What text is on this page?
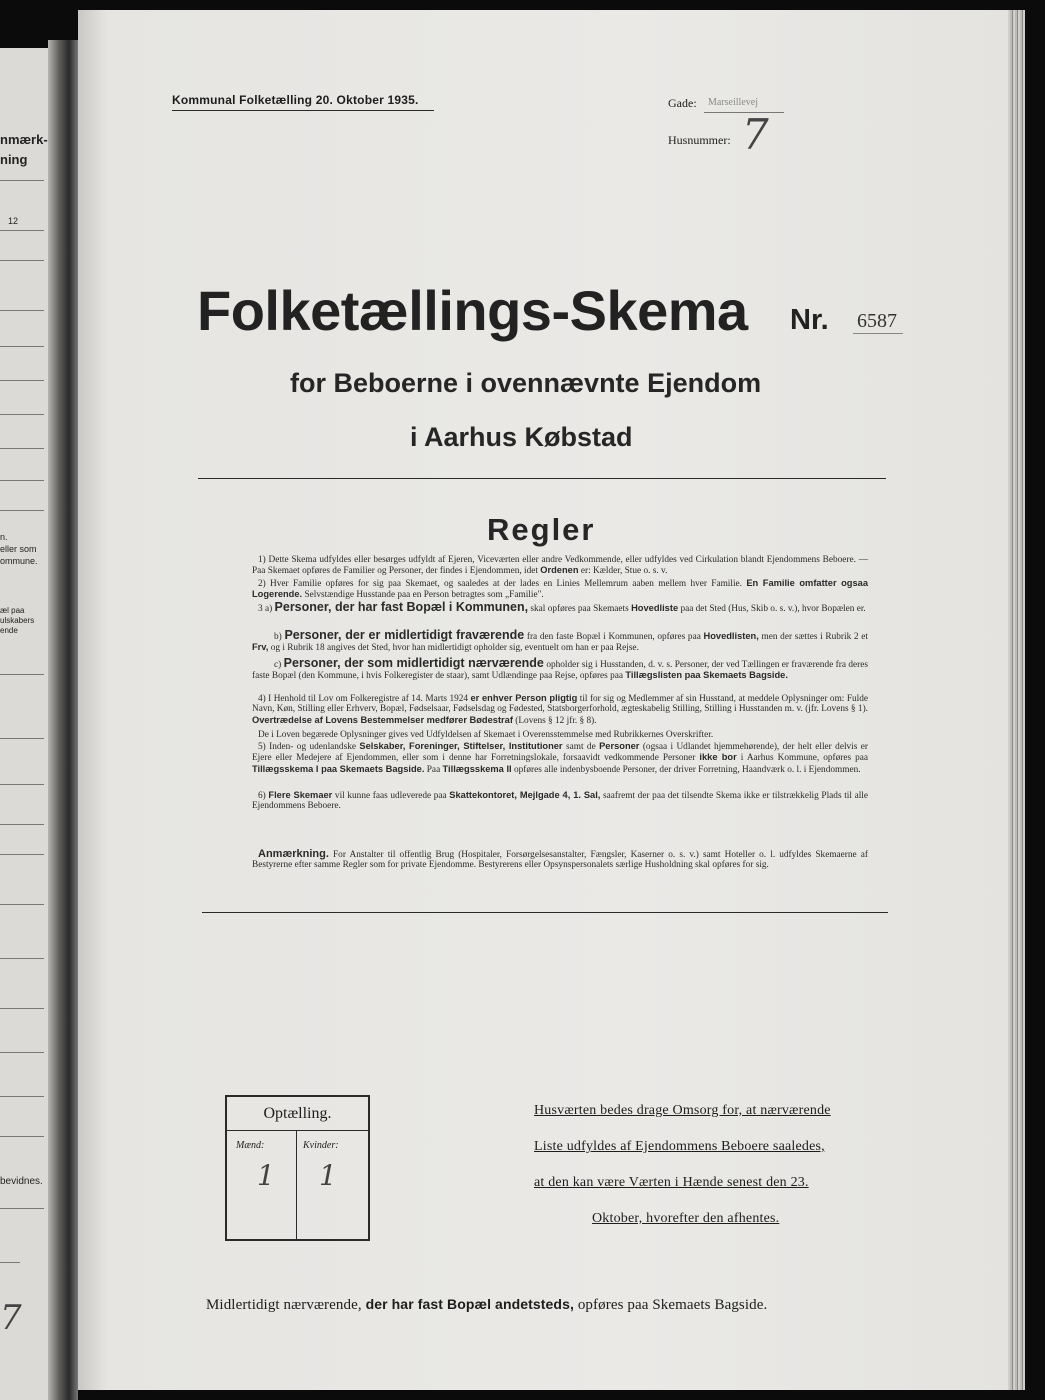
nmærk-
ning
12
n.
eller som
ommune.
æl paa
ulskabers
ende
bevidnes.
7
Kommunal Folketælling 20. Oktober 1935.	Gade: Marseillevej
Husnummer: 7
Folketællings-Skema Nr. 6587
for Beboerne i ovennævnte Ejendom
i Aarhus Købstad
Regler
1) Dette Skema udfyldes eller besørges udfyldt af Ejeren, Viceværten eller andre Vedkommende, eller udfyldes ved Cirkulation blandt Ejendommens Beboere. — Paa Skemaet opføres de Familier og Personer, der findes i Ejendommen, idet Ordenen er: Kælder, Stue o. s. v.
2) Hver Familie opføres for sig paa Skemaet, og saaledes at der lades en Linies Mellemrum aaben mellem hver Familie. En Familie omfatter ogsaa Logerende. Selvstændige Husstande paa en Person betragtes som „Familie".
3 a) Personer, der har fast Bopæl i Kommunen, skal opføres paa Skemaets Hovedliste paa det Sted (Hus, Skib o. s. v.), hvor Bopælen er.
b) Personer, der er midlertidigt fraværende fra den faste Bopæl i Kommunen, opføres paa Hovedlisten, men der sættes i Rubrik 2 et Frv, og i Rubrik 18 angives det Sted, hvor han midlertidigt opholder sig, eventuelt om han er paa Rejse.
c) Personer, der som midlertidigt nærværende opholder sig i Husstanden, d. v. s. Personer, der ved Tællingen er fraværende fra deres faste Bopæl (den Kommune, i hvis Folkeregister de staar), samt Udlændinge paa Rejse, opføres paa Tillægslisten paa Skemaets Bagside.
4) I Henhold til Lov om Folkeregistre af 14. Marts 1924 er enhver Person pligtig til for sig og Medlemmer af sin Husstand, at meddele Oplysninger om: Fulde Navn, Køn, Stilling eller Erhverv, Bopæl, Fødselsaar, Fødselsdag og Fødested, Statsborgerforhold, ægteskabelig Stilling, Stilling i Husstanden m. v. (jfr. Lovens § 1). Overtrædelse af Lovens Bestemmelser medfører Bødestraf (Lovens § 12 jfr. § 8).
De i Loven begærede Oplysninger gives ved Udfyldelsen af Skemaet i Overensstemmelse med Rubrikkernes Overskrifter.
5) Inden- og udenlandske Selskaber, Foreninger, Stiftelser, Institutioner samt de Personer (ogsaa i Udlandet hjemmehørende), der helt eller delvis er Ejere eller Medejere af Ejendommen, eller som i denne har Forretningslokale, forsaavidt vedkommende Personer ikke bor i Aarhus Kommune, opføres paa Tillægsskema I paa Skemaets Bagside. Paa Tillægsskema II opføres alle indenbysboende Personer, der driver Forretning, Haandværk o. l. i Ejendommen.
6) Flere Skemaer vil kunne faas udleverede paa Skattekontoret, Mejlgade 4, 1. Sal, saafremt der paa det tilsendte Skema ikke er tilstrækkelig Plads til alle Ejendommens Beboere.
Anmærkning. For Anstalter til offentlig Brug (Hospitaler, Forsørgelsesanstalter, Fængsler, Kaserner o. s. v.) samt Hoteller o. l. udfyldes Skemaerne af Bestyrerne efter samme Regler som for private Ejendomme. Bestyrerens eller Opsynspersonalets særlige Husholdning skal opføres for sig.
Optælling.
Mænd:	Kvinder:
1 1
Husværten bedes drage Omsorg for, at nærværende
Liste udfyldes af Ejendommens Beboere saaledes,
at den kan være Værten i Hænde senest den 23.
Oktober, hvorefter den afhentes.
Midlertidigt nærværende, der har fast Bopæl andetsteds, opføres paa Skemaets Bagside.
